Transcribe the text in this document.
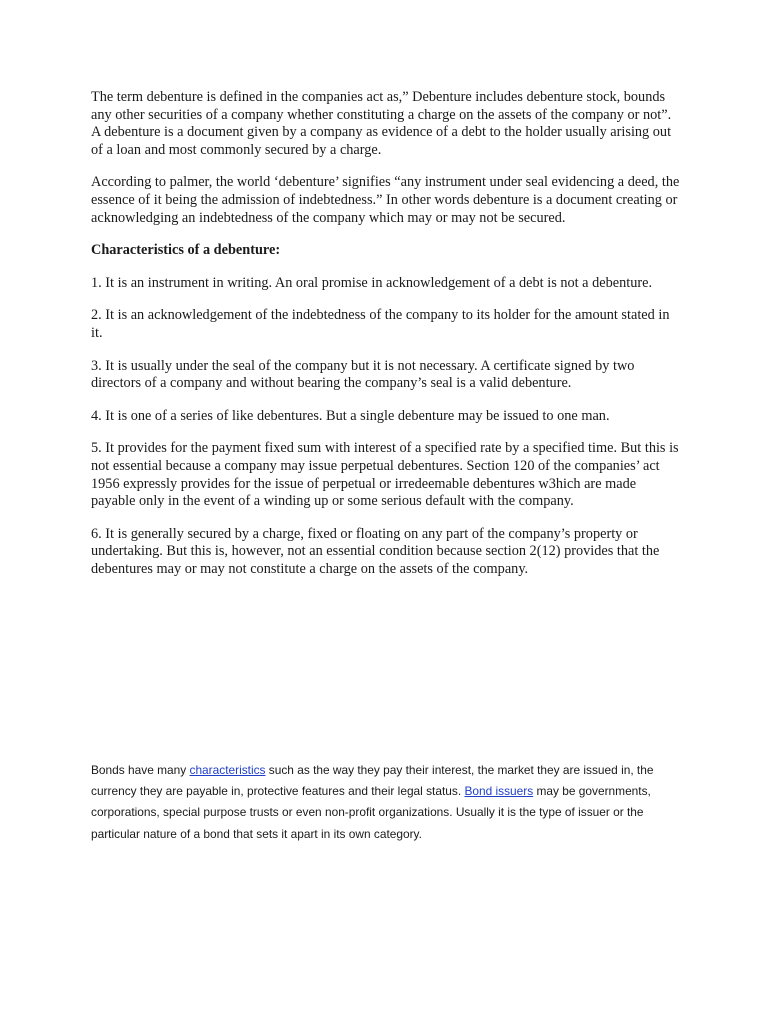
The term debenture is defined in the companies act as,” Debenture includes debenture stock, bounds any other securities of a company whether constituting a charge on the assets of the company or not”. A debenture is a document given by a company as evidence of a debt to the holder usually arising out of a loan and most commonly secured by a charge.

According to palmer, the world ‘debenture’ signifies “any instrument under seal evidencing a deed, the essence of it being the admission of indebtedness.” In other words debenture is a document creating or acknowledging an indebtedness of the company which may or may not be secured.

Characteristics of a debenture:

1. It is an instrument in writing. An oral promise in acknowledgement of a debt is not a debenture.

2. It is an acknowledgement of the indebtedness of the company to its holder for the amount stated in it.

3. It is usually under the seal of the company but it is not necessary. A certificate signed by two directors of a company and without bearing the company’s seal is a valid debenture.

4. It is one of a series of like debentures. But a single debenture may be issued to one man.

5. It provides for the payment fixed sum with interest of a specified rate by a specified time. But this is not essential because a company may issue perpetual debentures. Section 120 of the companies’ act 1956 expressly provides for the issue of perpetual or irredeemable debentures w3hich are made payable only in the event of a winding up or some serious default with the company.

6. It is generally secured by a charge, fixed or floating on any part of the company’s property or undertaking. But this is, however, not an essential condition because section 2(12) provides that the debentures may or may not constitute a charge on the assets of the company.

Bonds have many characteristics such as the way they pay their interest, the market they are issued in, the currency they are payable in, protective features and their legal status. Bond issuers may be governments, corporations, special purpose trusts or even non-profit organizations. Usually it is the type of issuer or the particular nature of a bond that sets it apart in its own category.
